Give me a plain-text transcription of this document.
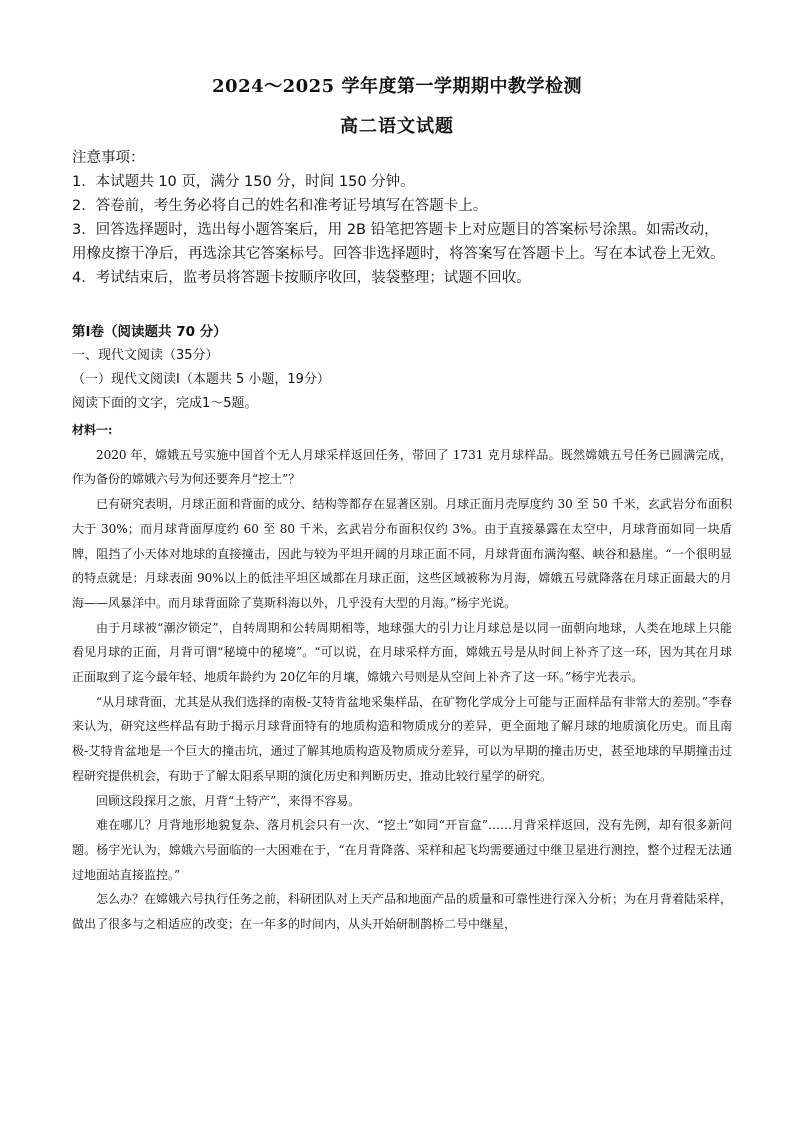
2024～2025 学年度第一学期期中教学检测
高二语文试题

注意事项：

1．本试题共 10 页，满分 150 分，时间 150 分钟。

2．答卷前，考生务必将自己的姓名和准考证号填写在答题卡上。

3．回答选择题时，选出每小题答案后，用 2B 铅笔把答题卡上对应题目的答案标号涂黑。如需改动，用橡皮擦干净后，再选涂其它答案标号。回答非选择题时，将答案写在答题卡上。写在本试卷上无效。

4．考试结束后，监考员将答题卡按顺序收回，装袋整理；试题不回收。

第Ⅰ卷（阅读题共 70 分）
一、现代文阅读（35分）
（一）现代文阅读Ⅰ（本题共 5 小题，19分）
阅读下面的文字，完成1～5题。
材料一:

2020 年，嫦娥五号实施中国首个无人月球采样返回任务，带回了 1731 克月球样品。既然嫦娥五号任务已圆满完成，作为备份的嫦娥六号为何还要奔月“挖土”？

已有研究表明，月球正面和背面的成分、结构等都存在显著区别。月球正面月壳厚度约 30 至 50 千米，玄武岩分布面积大于 30%；而月球背面厚度约 60 至 80 千米，玄武岩分布面积仅约 3%。由于直接暴露在太空中，月球背面如同一块盾牌，阻挡了小天体对地球的直接撞击，因此与较为平坦开阔的月球正面不同，月球背面布满沟壑、峡谷和悬崖。“一个很明显的特点就是：月球表面 90%以上的低洼平坦区域都在月球正面，这些区域被称为月海，嫦娥五号就降落在月球正面最大的月海——风暴洋中。而月球背面除了莫斯科海以外，几乎没有大型的月海。”杨宇光说。

由于月球被“潮汐锁定”，自转周期和公转周期相等，地球强大的引力让月球总是以同一面朝向地球，人类在地球上只能看见月球的正面，月背可谓“秘境中的秘境”。“可以说，在月球采样方面，嫦娥五号是从时间上补齐了这一环，因为其在月球正面取到了迄今最年轻、地质年龄约为 20亿年的月壤，嫦娥六号则是从空间上补齐了这一环。”杨宇光表示。

“从月球背面，尤其是从我们选择的南极-艾特肯盆地采集样品，在矿物化学成分上可能与正面样品有非常大的差别。”李春来认为，研究这些样品有助于揭示月球背面特有的地质构造和物质成分的差异，更全面地了解月球的地质演化历史。而且南极-艾特肯盆地是一个巨大的撞击坑，通过了解其地质构造及物质成分差异，可以为早期的撞击历史，甚至地球的早期撞击过程研究提供机会，有助于了解太阳系早期的演化历史和判断历史，推动比较行星学的研究。

回顾这段探月之旅，月背“土特产”，来得不容易。

难在哪儿？月背地形地貌复杂、落月机会只有一次、“挖土”如同“开盲盒”……月背采样返回，没有先例，却有很多新问题。杨宇光认为，嫦娥六号面临的一大困难在于，“在月背降落、采样和起飞均需要通过中继卫星进行测控，整个过程无法通过地面站直接监控。”

怎么办？在嫦娥六号执行任务之前，科研团队对上天产品和地面产品的质量和可靠性进行深入分析；为在月背着陆采样，做出了很多与之相适应的改变；在一年多的时间内，从头开始研制鹊桥二号中继星，
